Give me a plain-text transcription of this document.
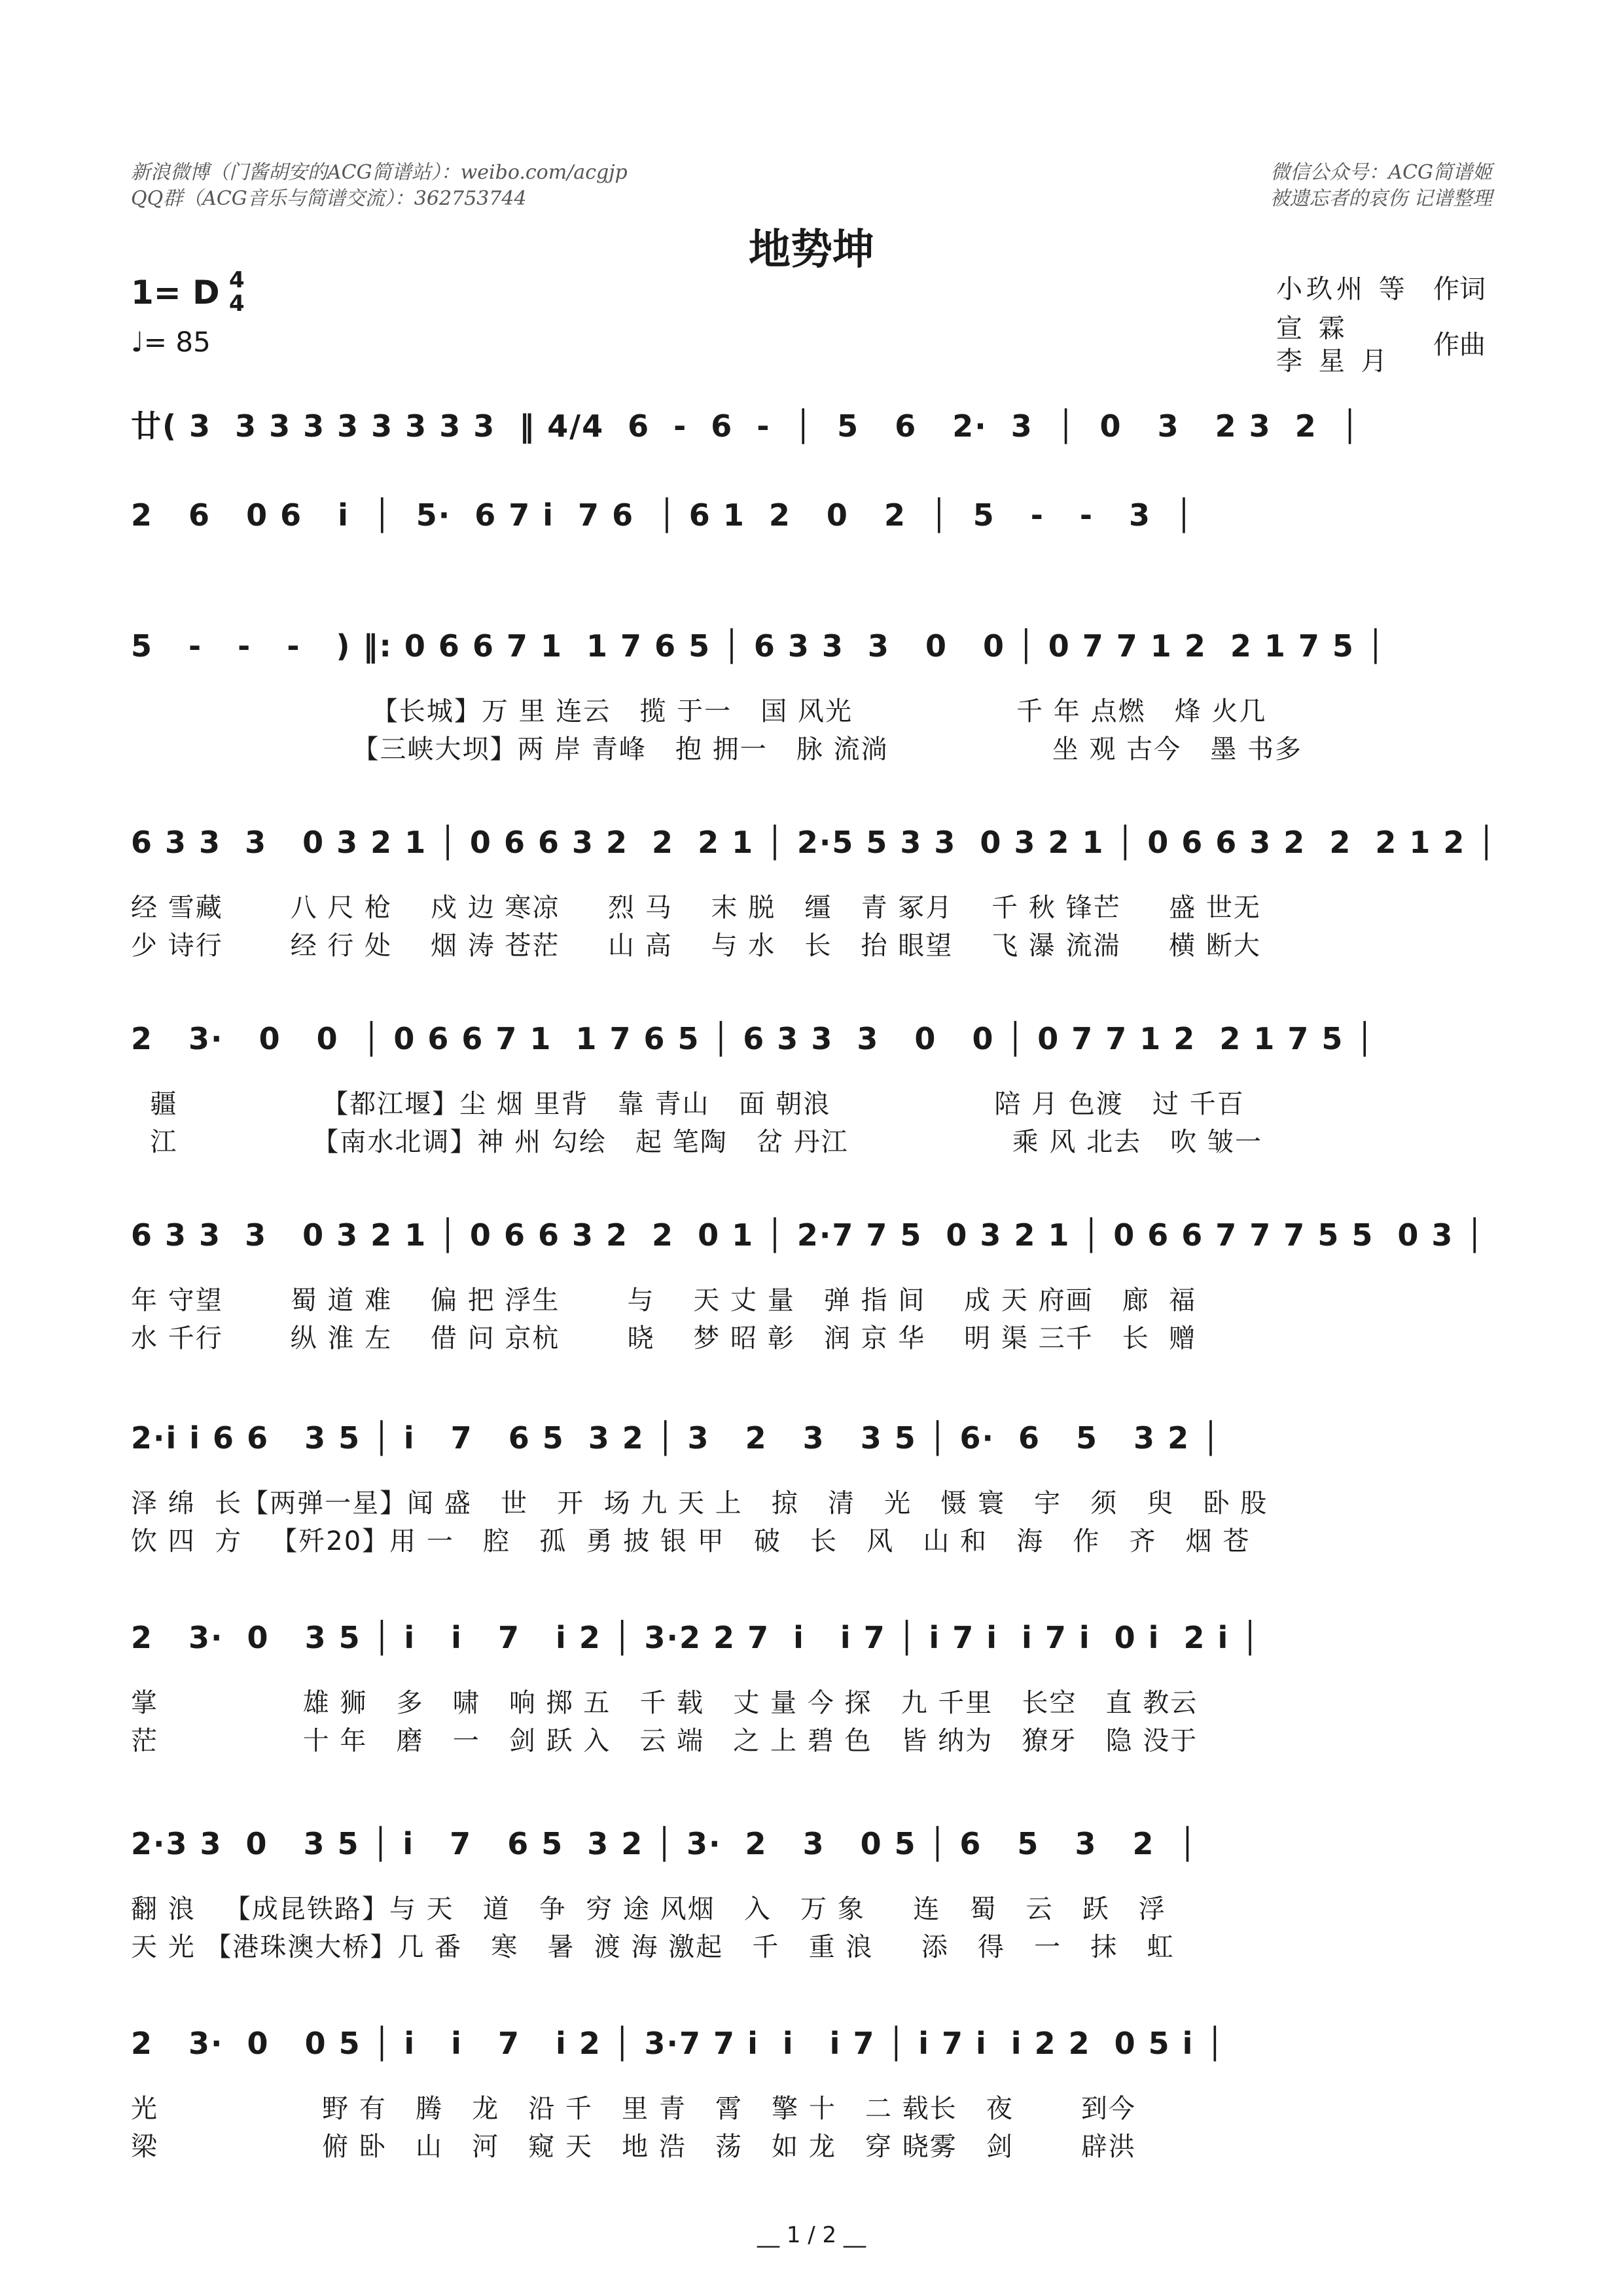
新浪微博（门酱胡安的ACG简谱站）：weibo.com/acgjp
QQ群（ACG音乐与简谱交流）：362753744
微信公众号：ACG简谱姬
被遗忘者的哀伤 记谱整理
地势坤
1= D 4
4
♩= 85
小玖州 等
宣 霖
李 星 月
作词
作曲
廿( 3  3 3 3 3 3 3 3 3  ‖ 4/4  6  -  6  -  │  5   6   2·  3  │  0   3   2 3  2  │
2   6   0 6   i  │  5·  6 7 i  7 6  │ 6 1  2   0   2  │  5   -   -   3  │
5   -   -   -   ) ‖: 0 6 6 7 1  1 7 6 5 │ 6 3 3  3   0   0 │ 0 7 7 1 2  2 1 7 5 │
【长城】万 里 连云   揽 于一   国 风光                 千 年 点燃   烽 火几
【三峡大坝】两 岸 青峰   抱 拥一   脉 流淌                 坐 观 古今   墨 书多
6 3 3  3   0 3 2 1 │ 0 6 6 3 2  2  2 1 │ 2·5 5 3 3  0 3 2 1 │ 0 6 6 3 2  2  2 1 2 │
经 雪藏       八 尺 枪    戍 边 寒凉     烈 马    末 脱   缰   青 冢月    千 秋 锋芒     盛 世无
少 诗行       经 行 处    烟 涛 苍茫     山 高    与 水   长   抬 眼望    飞 瀑 流湍     横 断大
2   3·   0   0  │ 0 6 6 7 1  1 7 6 5 │ 6 3 3  3   0   0 │ 0 7 7 1 2  2 1 7 5 │
疆               【都江堰】尘 烟 里背   靠 青山   面 朝浪                 陪 月 色渡   过 千百
江              【南水北调】神 州 勾绘   起 笔陶   岔 丹江                 乘 风 北去   吹 皱一
6 3 3  3   0 3 2 1 │ 0 6 6 3 2  2  0 1 │ 2·7 7 5  0 3 2 1 │ 0 6 6 7 7 7 5 5  0 3 │
年 守望       蜀 道 难    偏 把 浮生       与    天 丈 量   弹 指 间    成 天 府画   廊  福
水 千行       纵 淮 左    借 问 京杭       晓    梦 昭 彰   润 京 华    明 渠 三千   长  赠
2·i i 6 6   3 5 │ i   7   6 5  3 2 │ 3   2   3   3 5 │ 6·  6   5   3 2 │
泽 绵  长【两弹一星】闻 盛   世   开  场 九 天 上   掠   清   光   慑 寰   宇   须   臾   卧 股
饮 四  方   【歼20】用 一   腔   孤  勇 披 银 甲   破   长   风   山 和   海   作   齐   烟 苍
2   3·  0   3 5 │ i   i   7   i 2 │ 3·2 2 7  i   i 7 │ i 7 i  i 7 i  0 i  2 i │
掌               雄 狮   多   啸   响 掷 五   千 载   丈 量 今 探   九 千里   长空   直 教云
茫               十 年   磨   一   剑 跃 入   云 端   之 上 碧 色   皆 纳为   獠牙   隐 没于
2·3 3  0   3 5 │ i   7   6 5  3 2 │ 3·  2   3   0 5 │ 6   5   3   2  │
翻 浪   【成昆铁路】与 天   道   争  穷 途 风烟   入   万 象     连   蜀   云   跃   浮
天 光 【港珠澳大桥】几 番   寒   暑  渡 海 激起   千   重 浪     添   得   一   抹   虹
2   3·  0   0 5 │ i   i   7   i 2 │ 3·7 7 i  i   i 7 │ i 7 i  i 2 2  0 5 i │
光                 野 有   腾   龙   沿 千   里 青   霄   擎 十   二 载长   夜       到今
梁                 俯 卧   山   河   窥 天   地 浩   荡   如 龙   穿 晓雾   剑       辟洪
__ 1 / 2 __
